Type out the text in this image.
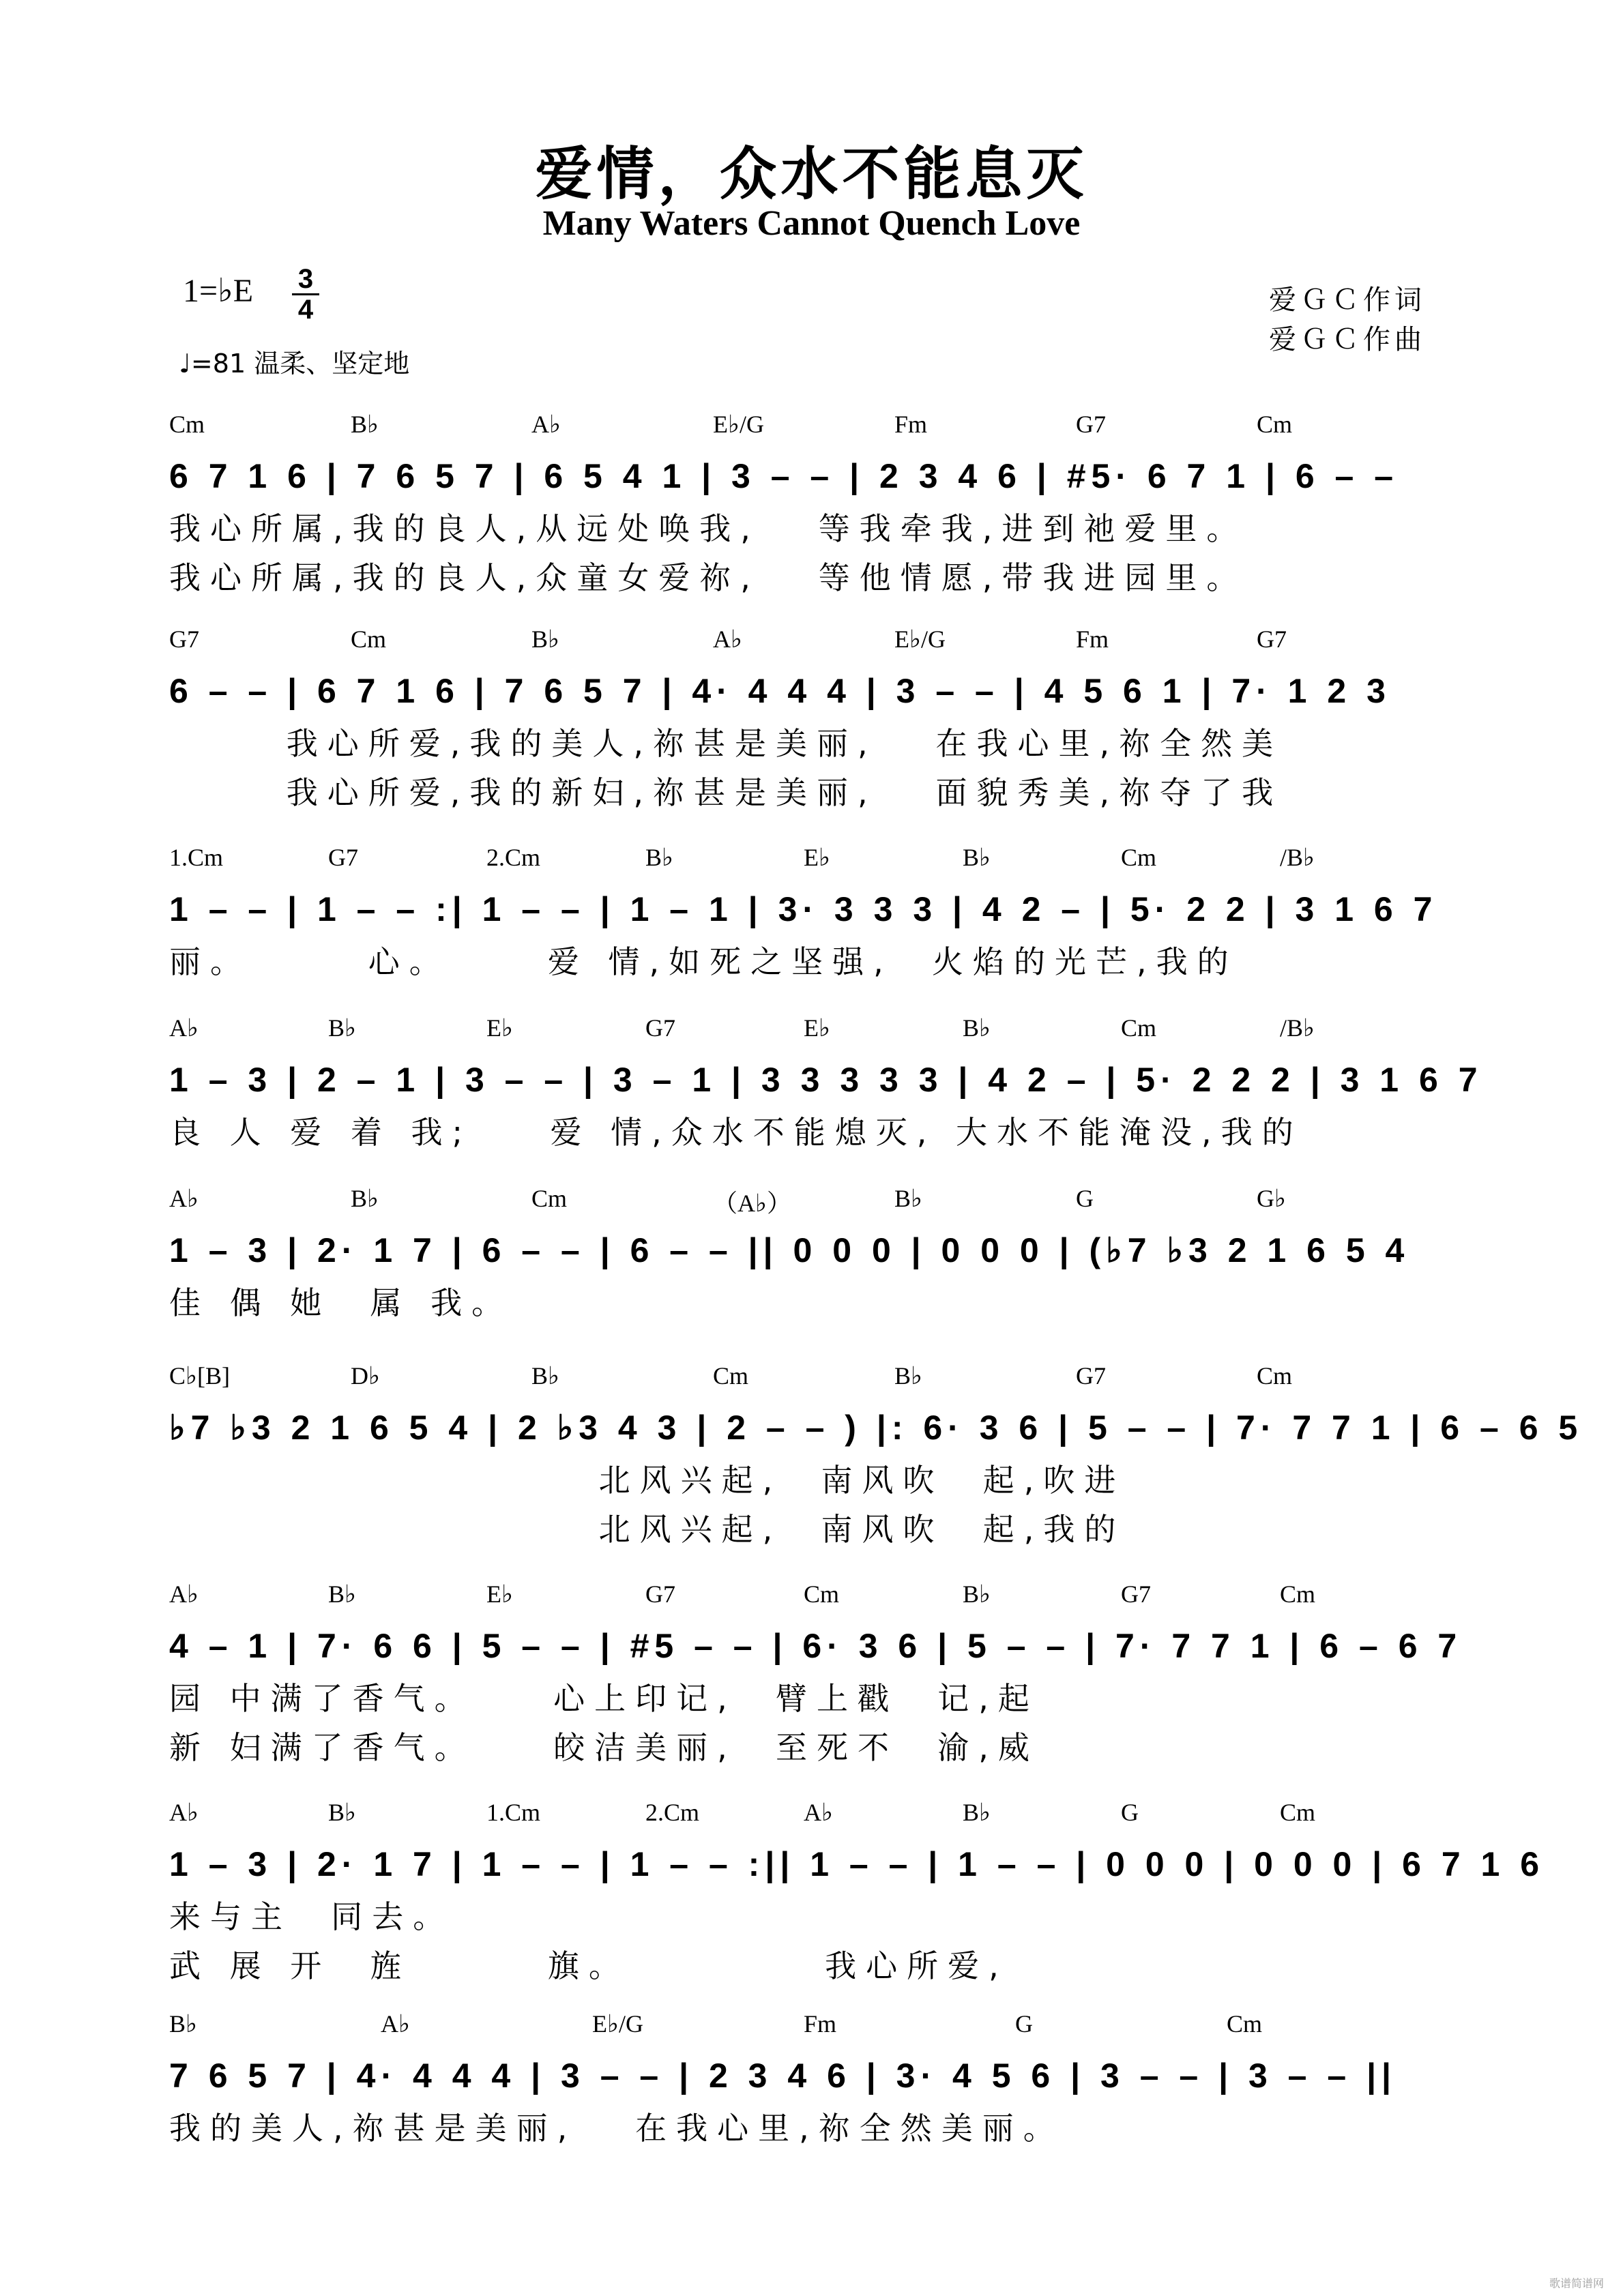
爱情，众水不能息灭
Many Waters Cannot Quench Love
1=♭E 3
4	爱ＧＣ作词
爱ＧＣ作曲
♩=81 温柔、坚定地
Cm	B♭	A♭	E♭/G	Fm	G7	Cm
6 7 1 6 | 7 6 5 7 | 6 5 4 1 | 3 – – | 2 3 4 6 | #5· 6 7 1 | 6 – –
我心所属,我的良人,从远处唤我,   等我牵我,进到祂爱里。
我心所属,我的良人,众童女爱祢,   等他情愿,带我进园里。
G7	Cm	B♭	A♭	E♭/G	Fm	G7
6 – – | 6 7 1 6 | 7 6 5 7 | 4· 4 4 4 | 3 – – | 4 5 6 1 | 7· 1 2 3
我心所爱,我的美人,祢甚是美丽,   在我心里,祢全然美
我心所爱,我的新妇,祢甚是美丽,   面貌秀美,祢夺了我
1.Cm	G7	2.Cm	B♭	E♭	B♭	Cm	/B♭
1 – – | 1 – – :| 1 – – | 1 – 1 | 3· 3 3 3 | 4 2 – | 5· 2 2 | 3 1 6 7
丽。      心。     爱 情,如死之坚强,  火焰的光芒,我的
A♭	B♭	E♭	G7	E♭	B♭	Cm	/B♭
1 – 3 | 2 – 1 | 3 – – | 3 – 1 | 3 3 3 3 3 | 4 2 – | 5· 2 2 2 | 3 1 6 7
良 人 爱 着 我;    爱 情,众水不能熄灭, 大水不能淹没,我的
A♭	B♭	Cm	（A♭）	B♭	G	G♭
1 – 3 | 2· 1 7 | 6 – – | 6 – – || 0 0 0 | 0 0 0 | (♭7 ♭3 2 1 6 5 4
佳 偶 她  属 我。
C♭[B]	D♭	B♭	Cm	B♭	G7	Cm
♭7 ♭3 2 1 6 5 4 | 2 ♭3 4 3 | 2 – – ) |: 6· 3 6 | 5 – – | 7· 7 7 1 | 6 – 6 5
北风兴起,  南风吹  起,吹进
北风兴起,  南风吹  起,我的
A♭	B♭	E♭	G7	Cm	B♭	G7	Cm
4 – 1 | 7· 6 6 | 5 – – | #5 – – | 6· 3 6 | 5 – – | 7· 7 7 1 | 6 – 6 7
园 中满了香气。    心上印记,  臂上戳  记,起
新 妇满了香气。    皎洁美丽,  至死不  渝,威
A♭	B♭	1.Cm	2.Cm	A♭	B♭	G	Cm
1 – 3 | 2· 1 7 | 1 – – | 1 – – :|| 1 – – | 1 – – | 0 0 0 | 0 0 0 | 6 7 1 6
来与主  同去。
武 展 开  旌       旗。          我心所爱,
B♭	A♭	E♭/G	Fm	G	Cm
7 6 5 7 | 4· 4 4 4 | 3 – – | 2 3 4 6 | 3· 4 5 6 | 3 – – | 3 – – ||
我的美人,祢甚是美丽,   在我心里,祢全然美丽。
歌谱简谱网
